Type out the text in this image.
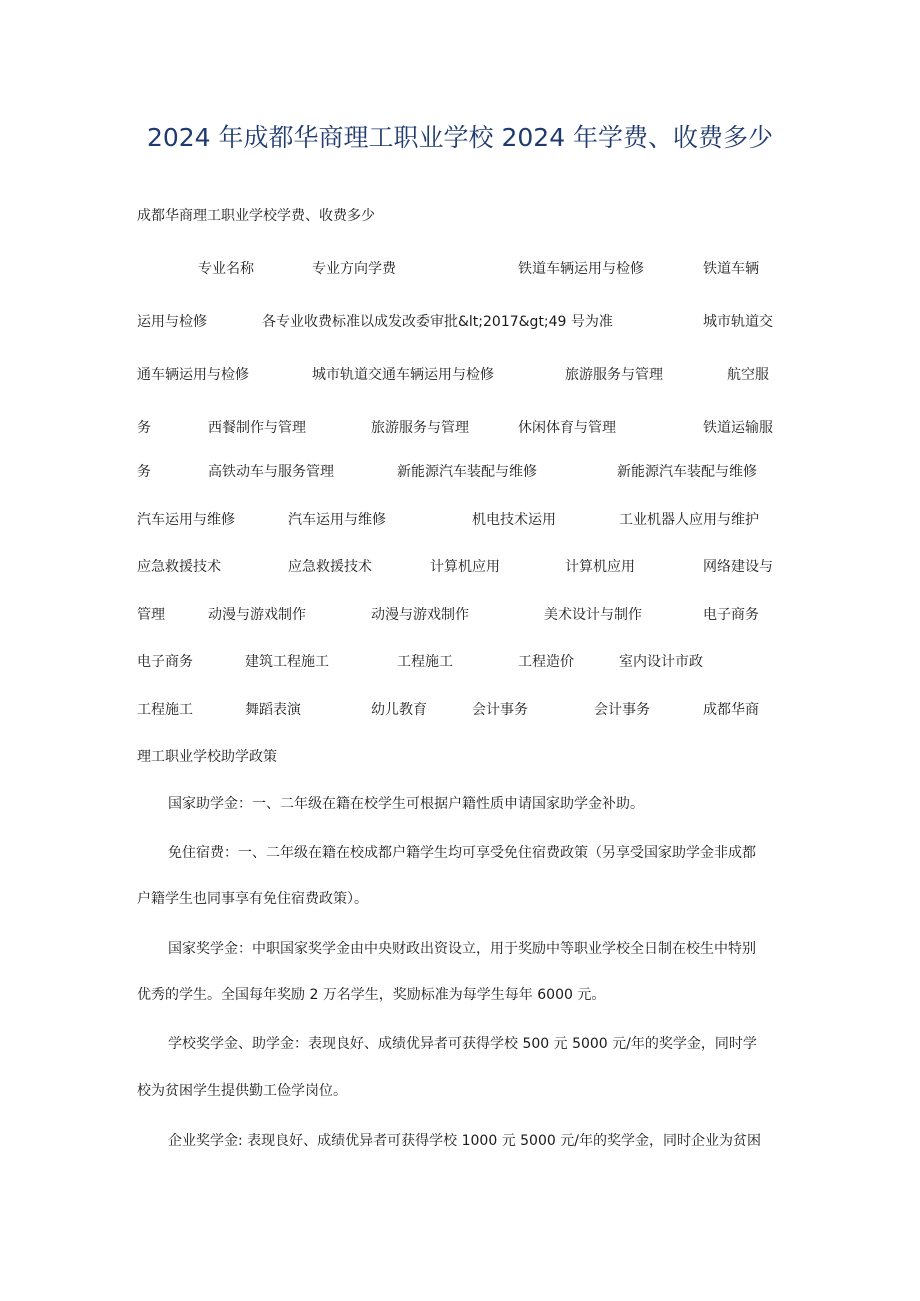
2024 年成都华商理工职业学校 2024 年学费、收费多少
成都华商理工职业学校学费、收费多少
专业名称	专业方向学费	铁道车辆运用与检修	铁道车辆
运用与检修	各专业收费标准以成发改委审批&lt;2017&gt;49 号为准	城市轨道交
通车辆运用与检修	城市轨道交通车辆运用与检修	旅游服务与管理	航空服
务	西餐制作与管理	旅游服务与管理	休闲体育与管理	铁道运输服
务	高铁动车与服务管理	新能源汽车装配与维修	新能源汽车装配与维修
汽车运用与维修	汽车运用与维修	机电技术运用	工业机器人应用与维护
应急救援技术	应急救援技术	计算机应用	计算机应用	网络建设与
管理	动漫与游戏制作	动漫与游戏制作	美术设计与制作	电子商务
电子商务	建筑工程施工	工程施工	工程造价	室内设计市政
工程施工	舞蹈表演	幼儿教育	会计事务	会计事务	成都华商
理工职业学校助学政策
国家助学金：一、二年级在籍在校学生可根据户籍性质申请国家助学金补助。
免住宿费：一、二年级在籍在校成都户籍学生均可享受免住宿费政策（另享受国家助学金非成都
户籍学生也同事享有免住宿费政策）。
国家奖学金：中职国家奖学金由中央财政出资设立，用于奖励中等职业学校全日制在校生中特别
优秀的学生。全国每年奖励 2 万名学生，奖励标准为每学生每年 6000 元。
学校奖学金、助学金：表现良好、成绩优异者可获得学校 500 元 5000 元/年的奖学金，同时学
校为贫困学生提供勤工俭学岗位。
企业奖学金: 表现良好、成绩优异者可获得学校 1000 元 5000 元/年的奖学金，同时企业为贫困
